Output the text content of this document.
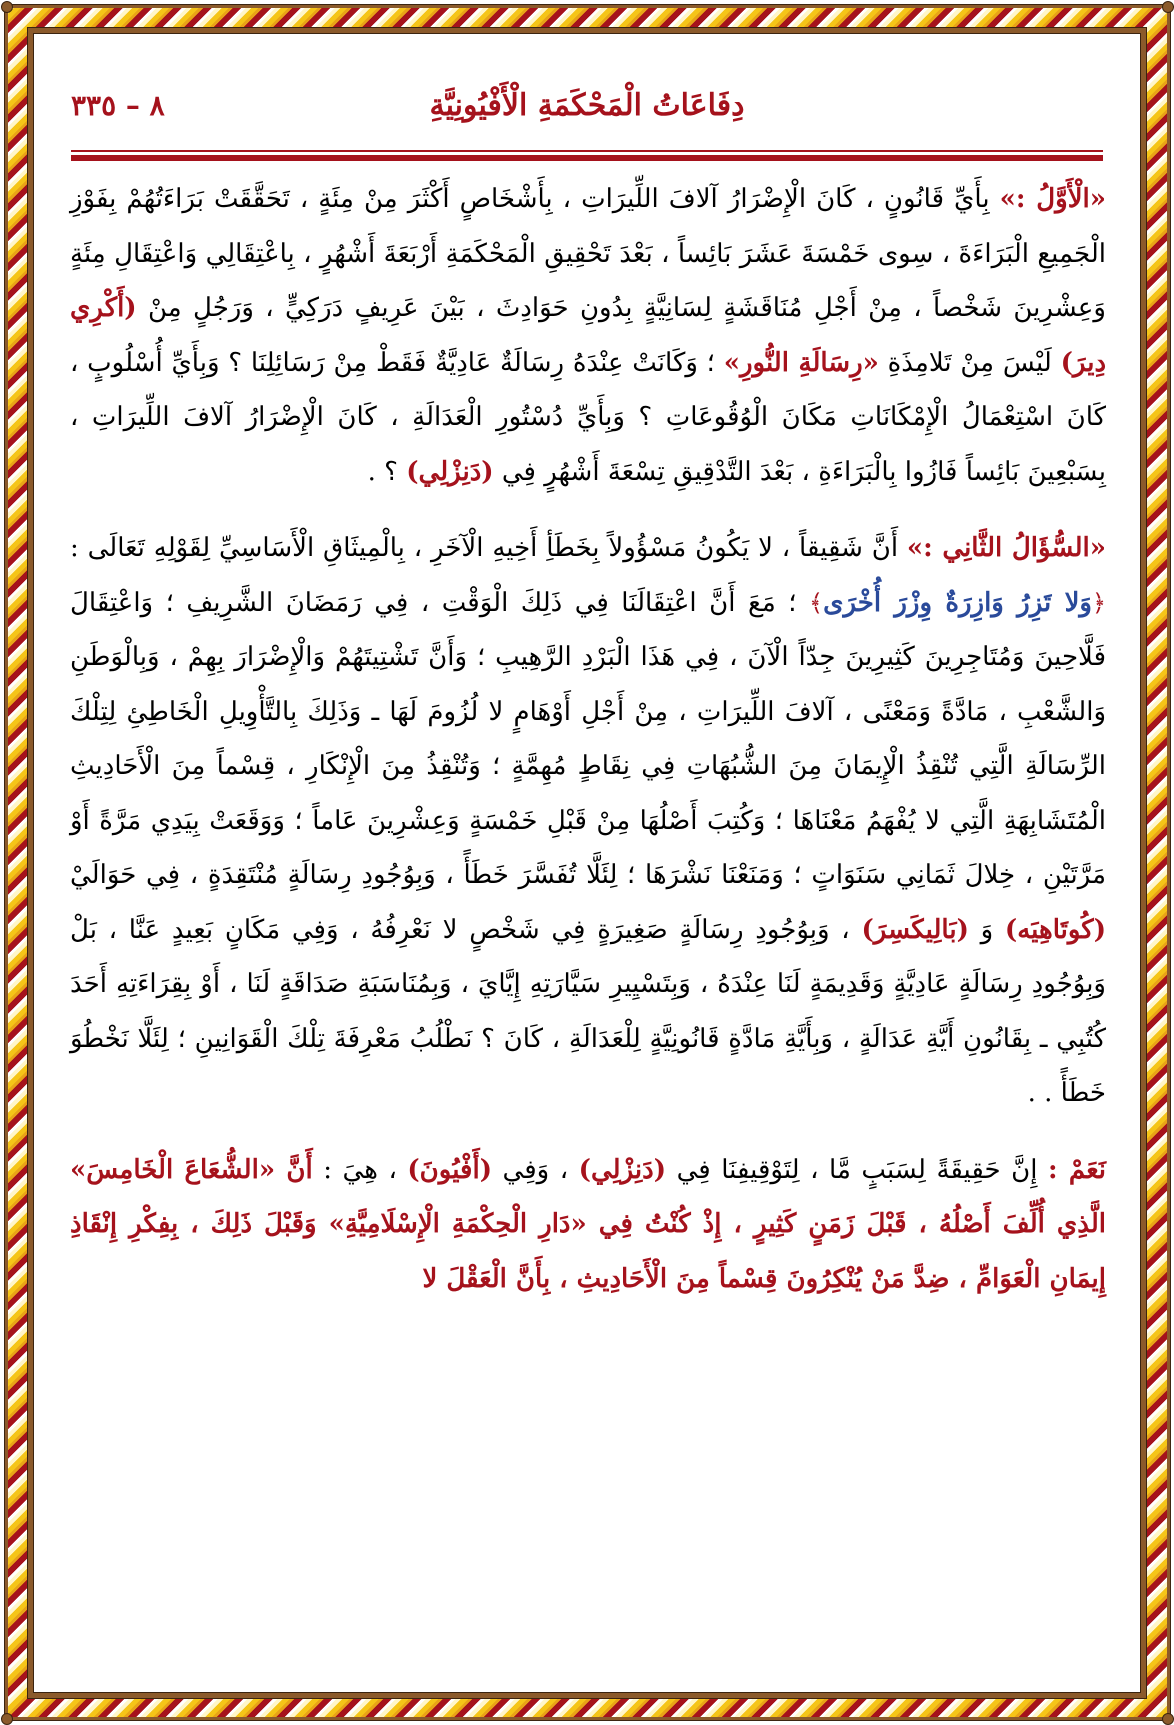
دِفَاعَاتُ الْمَحْكَمَةِ الْأَفْيُونِيَّةِ
٨ – ٣٣٥

«الْأَوَّلُ :» بِأَيِّ قَانُونٍ ، كَانَ الْإِضْرَارُ آلافَ اللِّيرَاتِ ، بِأَشْخَاصٍ أَكْثَرَ مِنْ مِئَةٍ ، تَحَقَّقَتْ بَرَاءَتُهُمْ بِفَوْزِ الْجَمِيعِ الْبَرَاءَةَ ، سِوى خَمْسَةَ عَشَرَ بَائِساً ، بَعْدَ تَحْقِيقِ الْمَحْكَمَةِ أَرْبَعَةَ أَشْهُرٍ ، بِاعْتِقَالِي وَاعْتِقَالِ مِئَةٍ وَعِشْرِينَ شَخْصاً ، مِنْ أَجْلِ مُنَاقَشَةٍ لِسَانِيَّةٍ بِدُونِ حَوَادِثَ ، بَيْنَ عَرِيفٍ دَرَكِيٍّ ، وَرَجُلٍ مِنْ (أَكْرِي دِيرَ) لَيْسَ مِنْ تَلامِذَةِ «رِسَالَةِ النُّورِ» ؛ وَكَانَتْ عِنْدَهُ رِسَالَةٌ عَادِيَّةٌ فَقَطْ مِنْ رَسَائِلِنَا ؟ وَبِأَيِّ أُسْلُوبٍ ، كَانَ اسْتِعْمَالُ الْإِمْكَانَاتِ مَكَانَ الْوُقُوعَاتِ ؟ وَبِأَيِّ دُسْتُورِ الْعَدَالَةِ ، كَانَ الْإِضْرَارُ آلافَ اللِّيرَاتِ ، بِسَبْعِينَ بَائِساً فَازُوا بِالْبَرَاءَةِ ، بَعْدَ التَّدْقِيقِ تِسْعَةَ أَشْهُرٍ فِي (دَنِزْلِي) ؟ .

«السُّؤَالُ الثَّانِي :» أَنَّ شَقِيقاً ، لا يَكُونُ مَسْؤُولاً بِخَطَأِ أَخِيهِ الْآخَرِ ، بِالْمِيثَاقِ الْأَسَاسِيِّ لِقَوْلِهِ تَعَالَى : ﴿وَلا تَزِرُ وَازِرَةٌ وِزْرَ أُخْرَى﴾ ؛ مَعَ أَنَّ اعْتِقَالَنَا فِي ذَلِكَ الْوَقْتِ ، فِي رَمَضَانَ الشَّرِيفِ ؛ وَاعْتِقَالَ فَلَّاحِينَ وَمُتَاجِرِينَ كَثِيرِينَ جِدّاً الْآنَ ، فِي هَذَا الْبَرْدِ الرَّهِيبِ ؛ وَأَنَّ تَشْتِيتَهُمْ وَالْإِضْرَارَ بِهِمْ ، وَبِالْوَطَنِ وَالشَّعْبِ ، مَادَّةً وَمَعْنًى ، آلافَ اللِّيرَاتِ ، مِنْ أَجْلِ أَوْهَامٍ لا لُزُومَ لَهَا ـ وَذَلِكَ بِالتَّأْوِيلِ الْخَاطِئِ لِتِلْكَ الرِّسَالَةِ الَّتِي تُنْقِذُ الْإِيمَانَ مِنَ الشُّبُهَاتِ فِي نِقَاطٍ مُهِمَّةٍ ؛ وَتُنْقِذُ مِنَ الْإِنْكَارِ ، قِسْماً مِنَ الْأَحَادِيثِ الْمُتَشَابِهَةِ الَّتِي لا يُفْهَمُ مَعْنَاهَا ؛ وَكُتِبَ أَصْلُهَا مِنْ قَبْلِ خَمْسَةٍ وَعِشْرِينَ عَاماً ؛ وَوَقَعَتْ بِيَدِي مَرَّةً أَوْ مَرَّتَيْنِ ، خِلالَ ثَمَانِي سَنَوَاتٍ ؛ وَمَنَعْنَا نَشْرَهَا ؛ لِئَلَّا تُفَسَّرَ خَطَأً ، وَبِوُجُودِ رِسَالَةٍ مُنْتَقِدَةٍ ، فِي حَوَالَيْ (كُوتَاهِيَه) وَ (بَالِيكَسِرَ) ، وَبِوُجُودِ رِسَالَةٍ صَغِيرَةٍ فِي شَخْصٍ لا نَعْرِفُهُ ، وَفِي مَكَانٍ بَعِيدٍ عَنَّا ، بَلْ وَبِوُجُودِ رِسَالَةٍ عَادِيَّةٍ وَقَدِيمَةٍ لَنَا عِنْدَهُ ، وَبِتَسْيِيرِ سَيَّارَتِهِ إِيَّايَ ، وَبِمُنَاسَبَةِ صَدَاقَةٍ لَنَا ، أَوْ بِقِرَاءَتِهِ أَحَدَ كُتُبِي ـ بِقَانُونِ أَيَّةِ عَدَالَةٍ ، وَبِأَيَّةِ مَادَّةٍ قَانُونِيَّةٍ لِلْعَدَالَةِ ، كَانَ ؟ نَطْلُبُ مَعْرِفَةَ تِلْكَ الْقَوَانِينِ ؛ لِئَلَّا نَخْطُوَ خَطَأً . .

نَعَمْ : إِنَّ حَقِيقَةً لِسَبَبٍ مَّا ، لِتَوْقِيفِنَا فِي (دَنِزْلِي) ، وَفِي (أَفْيُونَ) ، هِيَ : أَنَّ «الشُّعَاعَ الْخَامِسَ» الَّذِي أُلِّفَ أَصْلُهُ ، قَبْلَ زَمَنٍ كَثِيرٍ ، إِذْ كُنْتُ فِي «دَارِ الْحِكْمَةِ الْإِسْلَامِيَّةِ» وَقَبْلَ ذَلِكَ ، بِفِكْرِ إِنْقَاذِ إِيمَانِ الْعَوَامِّ ، ضِدَّ مَنْ يُنْكِرُونَ قِسْماً مِنَ الْأَحَادِيثِ ، بِأَنَّ الْعَقْلَ لا
